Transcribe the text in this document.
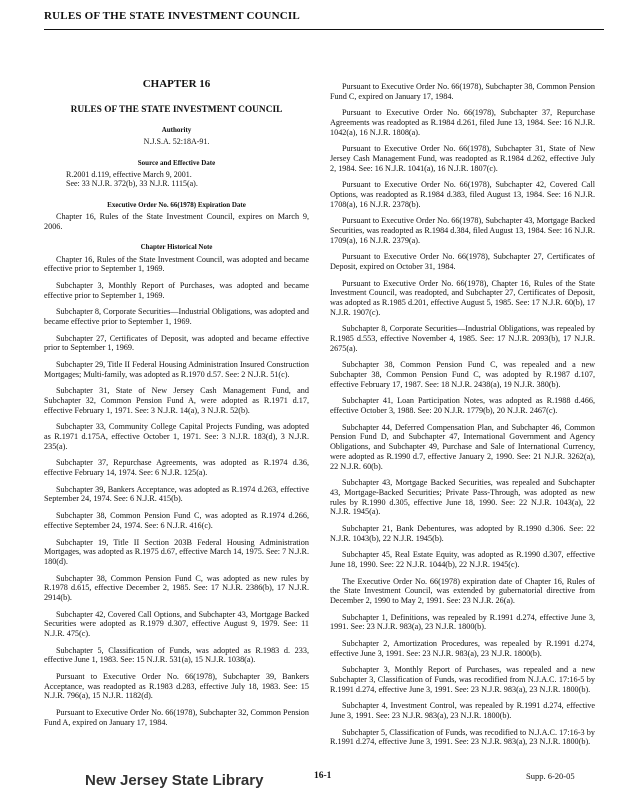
RULES OF THE STATE INVESTMENT COUNCIL

CHAPTER 16

RULES OF THE STATE INVESTMENT COUNCIL

Authority

N.J.S.A. 52:18A-91.

Source and Effective Date

R.2001 d.119, effective March 9, 2001.

See: 33 N.J.R. 372(b), 33 N.J.R. 1115(a).

Executive Order No. 66(1978) Expiration Date

Chapter 16, Rules of the State Investment Council, expires on March 9, 2006.

Chapter Historical Note

Chapter 16, Rules of the State Investment Council, was adopted and became effective prior to September 1, 1969.

Subchapter 3, Monthly Report of Purchases, was adopted and became effective prior to September 1, 1969.

Subchapter 8, Corporate Securities—Industrial Obligations, was adopted and became effective prior to September 1, 1969.

Subchapter 27, Certificates of Deposit, was adopted and became effective prior to September 1, 1969.

Subchapter 29, Title II Federal Housing Administration Insured Construction Mortgages; Multi-family, was adopted as R.1970 d.57. See: 2 N.J.R. 51(c).

Subchapter 31, State of New Jersey Cash Management Fund, and Subchapter 32, Common Pension Fund A, were adopted as R.1971 d.17, effective February 1, 1971. See: 3 N.J.R. 14(a), 3 N.J.R. 52(b).

Subchapter 33, Community College Capital Projects Funding, was adopted as R.1971 d.175A, effective October 1, 1971. See: 3 N.J.R. 183(d), 3 N.J.R. 235(a).

Subchapter 37, Repurchase Agreements, was adopted as R.1974 d.36, effective February 14, 1974. See: 6 N.J.R. 125(a).

Subchapter 39, Bankers Acceptance, was adopted as R.1974 d.263, effective September 24, 1974. See: 6 N.J.R. 415(b).

Subchapter 38, Common Pension Fund C, was adopted as R.1974 d.266, effective September 24, 1974. See: 6 N.J.R. 416(c).

Subchapter 19, Title II Section 203B Federal Housing Administration Mortgages, was adopted as R.1975 d.67, effective March 14, 1975. See: 7 N.J.R. 180(d).

Subchapter 38, Common Pension Fund C, was adopted as new rules by R.1978 d.615, effective December 2, 1985. See: 17 N.J.R. 2386(b), 17 N.J.R. 2914(b).

Subchapter 42, Covered Call Options, and Subchapter 43, Mortgage Backed Securities were adopted as R.1979 d.307, effective August 9, 1979. See: 11 N.J.R. 475(c).

Subchapter 5, Classification of Funds, was adopted as R.1983 d. 233, effective June 1, 1983. See: 15 N.J.R. 531(a), 15 N.J.R. 1038(a).

Pursuant to Executive Order No. 66(1978), Subchapter 39, Bankers Acceptance, was readopted as R.1983 d.283, effective July 18, 1983. See: 15 N.J.R. 796(a), 15 N.J.R. 1182(d).

Pursuant to Executive Order No. 66(1978), Subchapter 32, Common Pension Fund A, expired on January 17, 1984.

Pursuant to Executive Order No. 66(1978), Subchapter 38, Common Pension Fund C, expired on January 17, 1984.

Pursuant to Executive Order No. 66(1978), Subchapter 37, Repurchase Agreements was readopted as R.1984 d.261, filed June 13, 1984. See: 16 N.J.R. 1042(a), 16 N.J.R. 1808(a).

Pursuant to Executive Order No. 66(1978), Subchapter 31, State of New Jersey Cash Management Fund, was readopted as R.1984 d.262, effective July 2, 1984. See: 16 N.J.R. 1041(a), 16 N.J.R. 1807(c).

Pursuant to Executive Order No. 66(1978), Subchapter 42, Covered Call Options, was readopted as R.1984 d.383, filed August 13, 1984. See: 16 N.J.R. 1708(a), 16 N.J.R. 2378(b).

Pursuant to Executive Order No. 66(1978), Subchapter 43, Mortgage Backed Securities, was readopted as R.1984 d.384, filed August 13, 1984. See: 16 N.J.R. 1709(a), 16 N.J.R. 2379(a).

Pursuant to Executive Order No. 66(1978), Subchapter 27, Certificates of Deposit, expired on October 31, 1984.

Pursuant to Executive Order No. 66(1978), Chapter 16, Rules of the State Investment Council, was readopted, and Subchapter 27, Certificates of Deposit, was adopted as R.1985 d.201, effective August 5, 1985. See: 17 N.J.R. 60(b), 17 N.J.R. 1907(c).

Subchapter 8, Corporate Securities—Industrial Obligations, was repealed by R.1985 d.553, effective November 4, 1985. See: 17 N.J.R. 2093(b), 17 N.J.R. 2675(a).

Subchapter 38, Common Pension Fund C, was repealed and a new Subchapter 38, Common Pension Fund C, was adopted by R.1987 d.107, effective February 17, 1987. See: 18 N.J.R. 2438(a), 19 N.J.R. 380(b).

Subchapter 41, Loan Participation Notes, was adopted as R.1988 d.466, effective October 3, 1988. See: 20 N.J.R. 1779(b), 20 N.J.R. 2467(c).

Subchapter 44, Deferred Compensation Plan, and Subchapter 46, Common Pension Fund D, and Subchapter 47, International Government and Agency Obligations, and Subchapter 49, Purchase and Sale of International Currency, were adopted as R.1990 d.7, effective January 2, 1990. See: 21 N.J.R. 3262(a), 22 N.J.R. 60(b).

Subchapter 43, Mortgage Backed Securities, was repealed and Subchapter 43, Mortgage-Backed Securities; Private Pass-Through, was adopted as new rules by R.1990 d.305, effective June 18, 1990. See: 22 N.J.R. 1043(a), 22 N.J.R. 1945(a).

Subchapter 21, Bank Debentures, was adopted by R.1990 d.306. See: 22 N.J.R. 1043(b), 22 N.J.R. 1945(b).

Subchapter 45, Real Estate Equity, was adopted as R.1990 d.307, effective June 18, 1990. See: 22 N.J.R. 1044(b), 22 N.J.R. 1945(c).

The Executive Order No. 66(1978) expiration date of Chapter 16, Rules of the State Investment Council, was extended by gubernatorial directive from December 2, 1990 to May 2, 1991. See: 23 N.J.R. 26(a).

Subchapter 1, Definitions, was repealed by R.1991 d.274, effective June 3, 1991. See: 23 N.J.R. 983(a), 23 N.J.R. 1800(b).

Subchapter 2, Amortization Procedures, was repealed by R.1991 d.274, effective June 3, 1991. See: 23 N.J.R. 983(a), 23 N.J.R. 1800(b).

Subchapter 3, Monthly Report of Purchases, was repealed and a new Subchapter 3, Classification of Funds, was recodified from N.J.A.C. 17:16-5 by R.1991 d.274, effective June 3, 1991. See: 23 N.J.R. 983(a), 23 N.J.R. 1800(b).

Subchapter 4, Investment Control, was repealed by R.1991 d.274, effective June 3, 1991. See: 23 N.J.R. 983(a), 23 N.J.R. 1800(b).

Subchapter 5, Classification of Funds, was recodified to N.J.A.C. 17:16-3 by R.1991 d.274, effective June 3, 1991. See: 23 N.J.R. 983(a), 23 N.J.R. 1800(b).

New Jersey State Library	16-1	Supp. 6-20-05
